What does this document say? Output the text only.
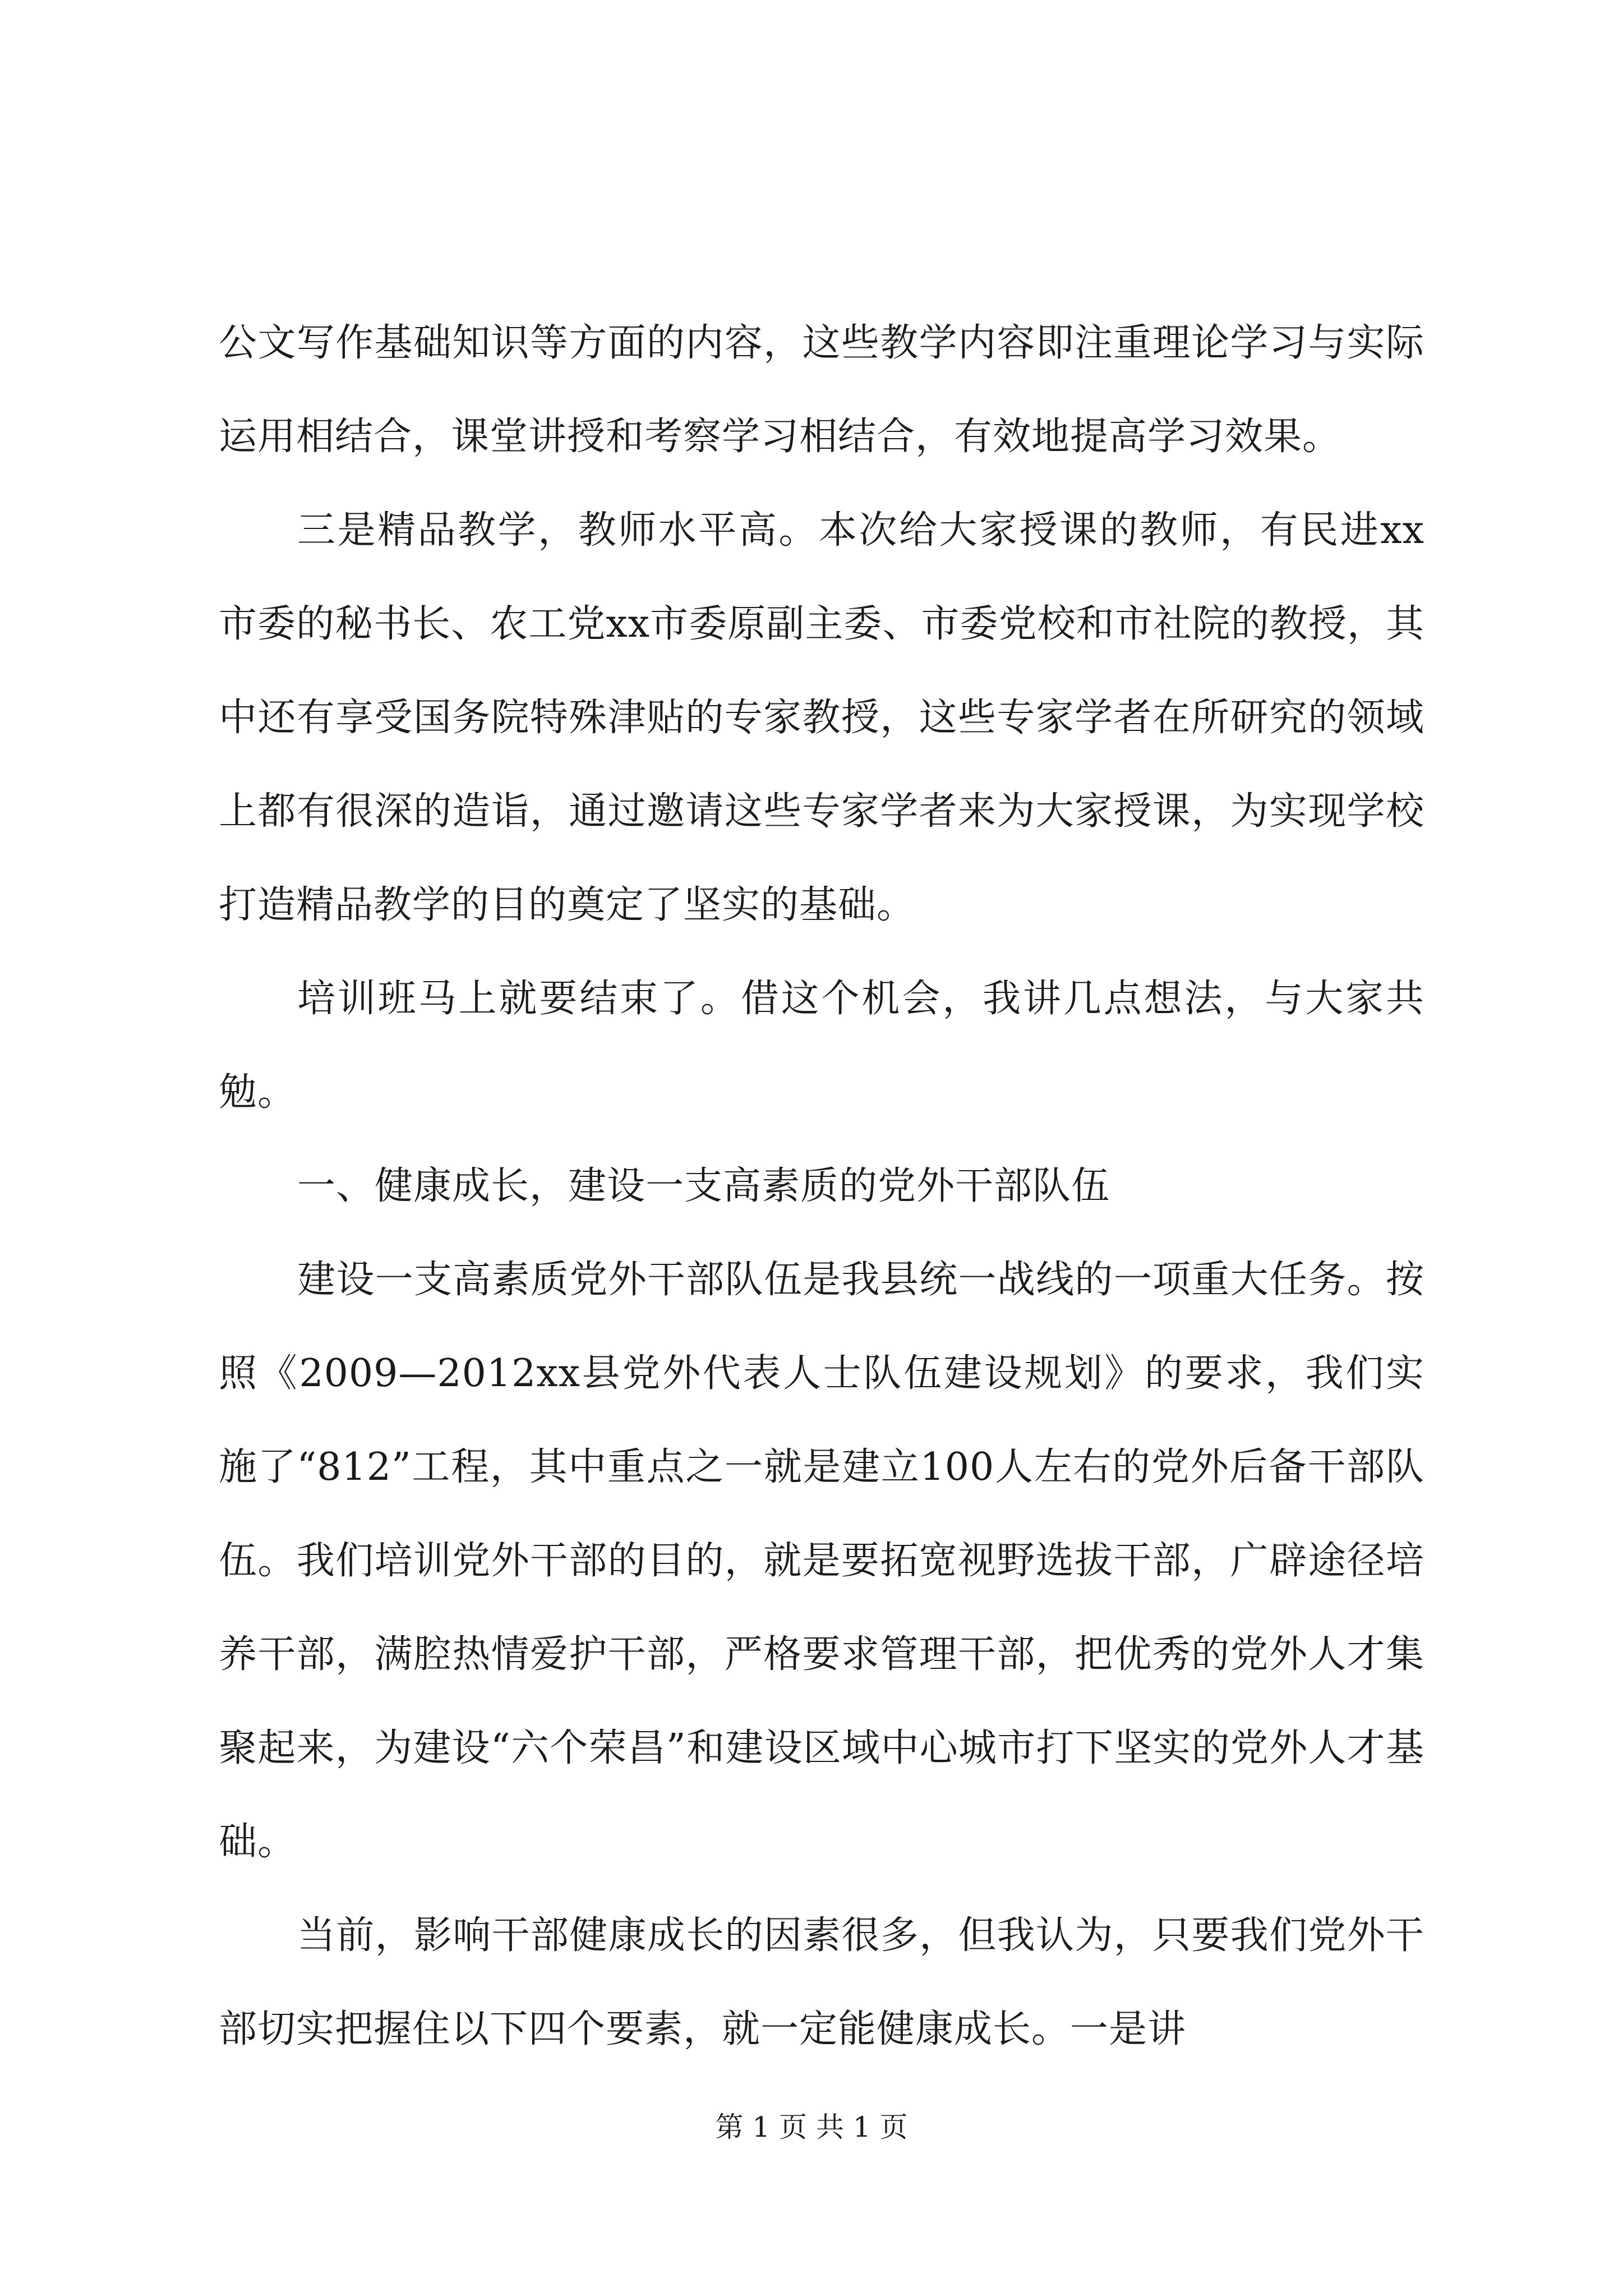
公文写作基础知识等方面的内容，这些教学内容即注重理论学习与实际运用相结合，课堂讲授和考察学习相结合，有效地提高学习效果。

三是精品教学，教师水平高。本次给大家授课的教师，有民进xx市委的秘书长、农工党xx市委原副主委、市委党校和市社院的教授，其中还有享受国务院特殊津贴的专家教授，这些专家学者在所研究的领域上都有很深的造诣，通过邀请这些专家学者来为大家授课，为实现学校打造精品教学的目的奠定了坚实的基础。

培训班马上就要结束了。借这个机会，我讲几点想法，与大家共勉。

一、健康成长，建设一支高素质的党外干部队伍

建设一支高素质党外干部队伍是我县统一战线的一项重大任务。按照《2009—2012xx县党外代表人士队伍建设规划》的要求，我们实施了“812”工程，其中重点之一就是建立100人左右的党外后备干部队伍。我们培训党外干部的目的，就是要拓宽视野选拔干部，广辟途径培养干部，满腔热情爱护干部，严格要求管理干部，把优秀的党外人才集聚起来，为建设“六个荣昌”和建设区域中心城市打下坚实的党外人才基础。

当前，影响干部健康成长的因素很多，但我认为，只要我们党外干部切实把握住以下四个要素，就一定能健康成长。一是讲

第 1 页 共 1 页
